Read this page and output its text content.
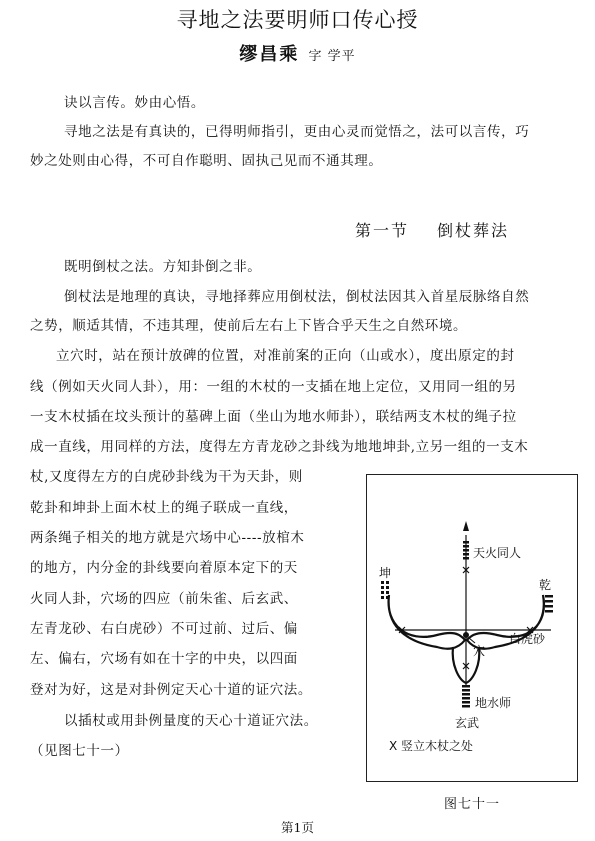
寻地之法要明师口传心授
缪昌乘 字 学平
诀以言传。妙由心悟。
寻地之法是有真诀的，已得明师指引，更由心灵而觉悟之，法可以言传，巧
妙之处则由心得，不可自作聪明、固执己见而不通其理。
第一节 倒杖葬法
既明倒杖之法。方知卦倒之非。
倒杖法是地理的真诀，寻地择葬应用倒杖法，倒杖法因其入首星辰脉络自然
之势，顺适其情，不违其理，使前后左右上下皆合乎天生之自然环境。
立穴时，站在预计放碑的位置，对准前案的正向（山或水），度出原定的封
线（例如天火同人卦），用：一组的木杖的一支插在地上定位，又用同一组的另
一支木杖插在坟头预计的墓碑上面（坐山为地水师卦），联结两支木杖的绳子拉
成一直线，用同样的方法，度得左方青龙砂之卦线为地地坤卦,立另一组的一支木
杖,又度得左方的白虎砂卦线为干为天卦，则
乾卦和坤卦上面木杖上的绳子联成一直线，
两条绳子相关的地方就是穴场中心----放棺木
的地方，内分金的卦线要向着原本定下的天
火同人卦，穴场的四应（前朱雀、后玄武、
左青龙砂、右白虎砂）不可过前、过后、偏
左、偏右，穴场有如在十字的中央，以四面
登对为好，这是对卦例定天心十道的证穴法。
以插杖或用卦例量度的天心十道证穴法。
（见图七十一）
天火同人
坤
乾
白虎砂
穴
地水师
玄武
X 竖立木杖之处
图七十一
第1页
